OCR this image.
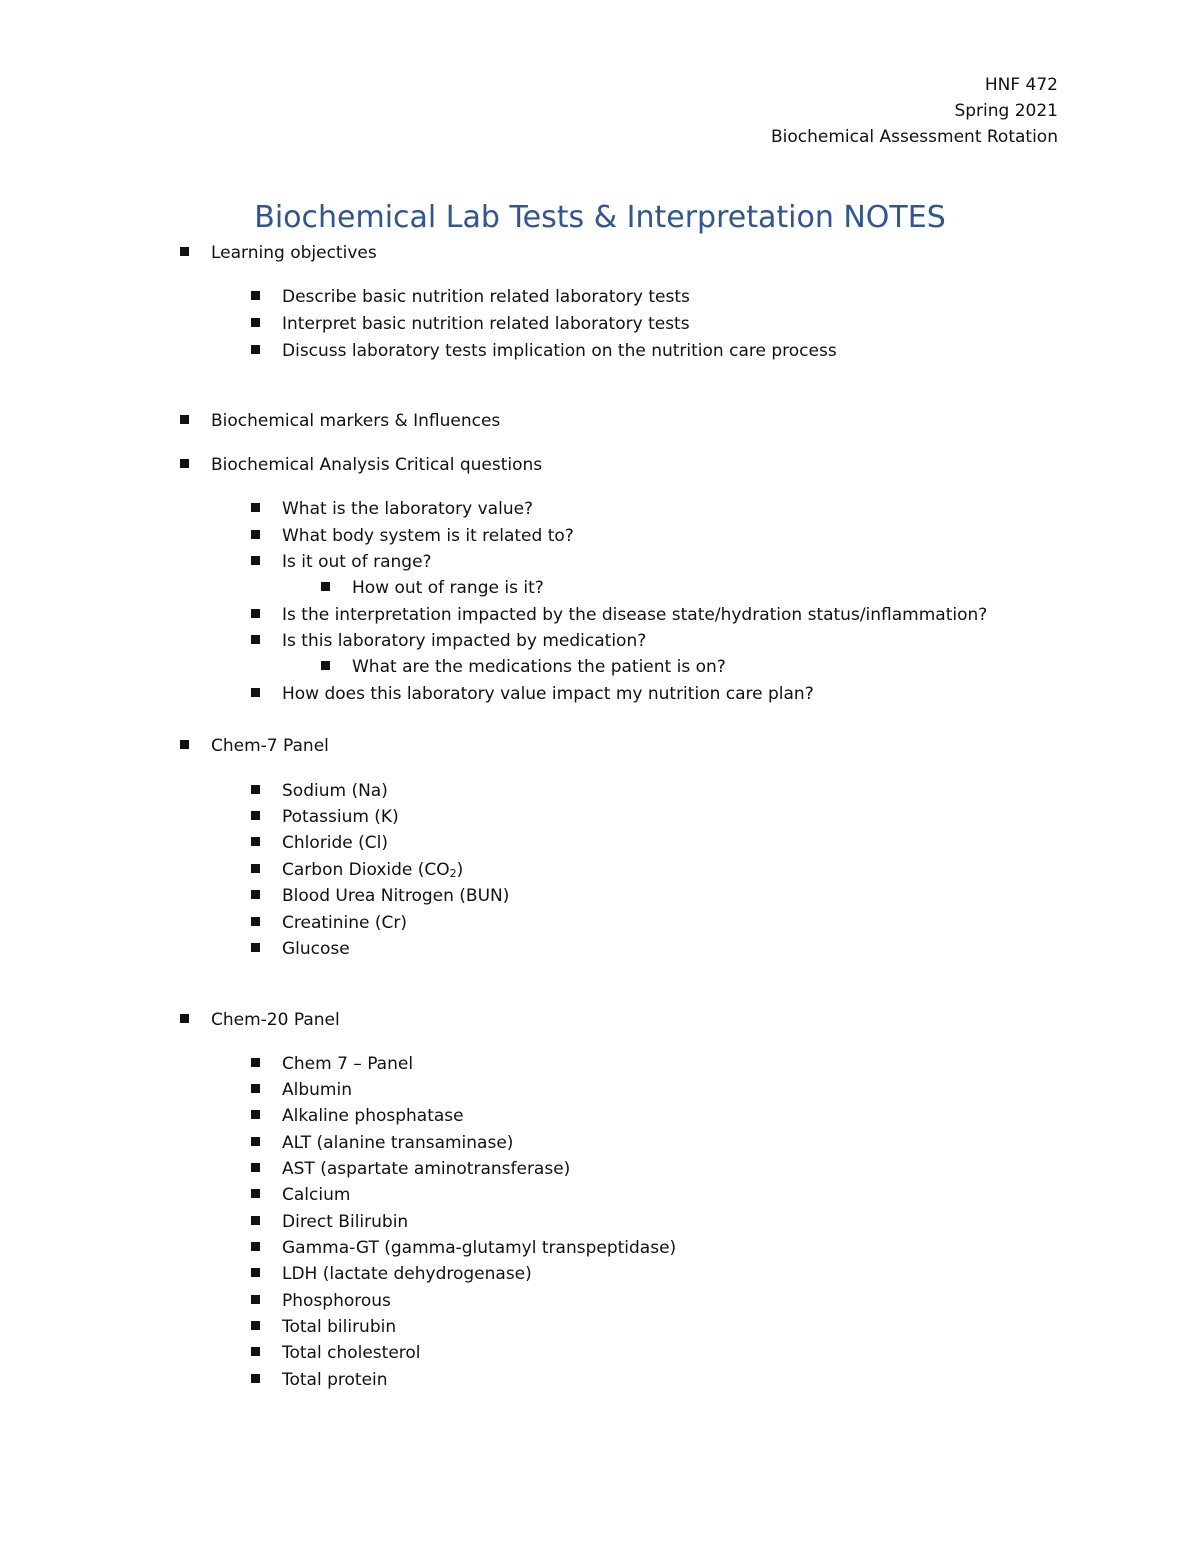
HNF 472
Spring 2021
Biochemical Assessment Rotation
Biochemical Lab Tests & Interpretation NOTES
Learning objectives
Describe basic nutrition related laboratory tests
Interpret basic nutrition related laboratory tests
Discuss laboratory tests implication on the nutrition care process
Biochemical markers & Influences
Biochemical Analysis Critical questions
What is the laboratory value?
What body system is it related to?
Is it out of range?
How out of range is it?
Is the interpretation impacted by the disease state/hydration status/inflammation?
Is this laboratory impacted by medication?
What are the medications the patient is on?
How does this laboratory value impact my nutrition care plan?
Chem-7 Panel
Sodium (Na)
Potassium (K)
Chloride (Cl)
Carbon Dioxide $(CO_2)$
Blood Urea Nitrogen (BUN)
Creatinine (Cr)
Glucose
Chem-20 Panel
Chem 7 – Panel
Albumin
Alkaline phosphatase
ALT (alanine transaminase)
AST (aspartate aminotransferase)
Calcium
Direct Bilirubin
Gamma-GT (gamma-glutamyl transpeptidase)
LDH (lactate dehydrogenase)
Phosphorous
Total bilirubin
Total cholesterol
Total protein
